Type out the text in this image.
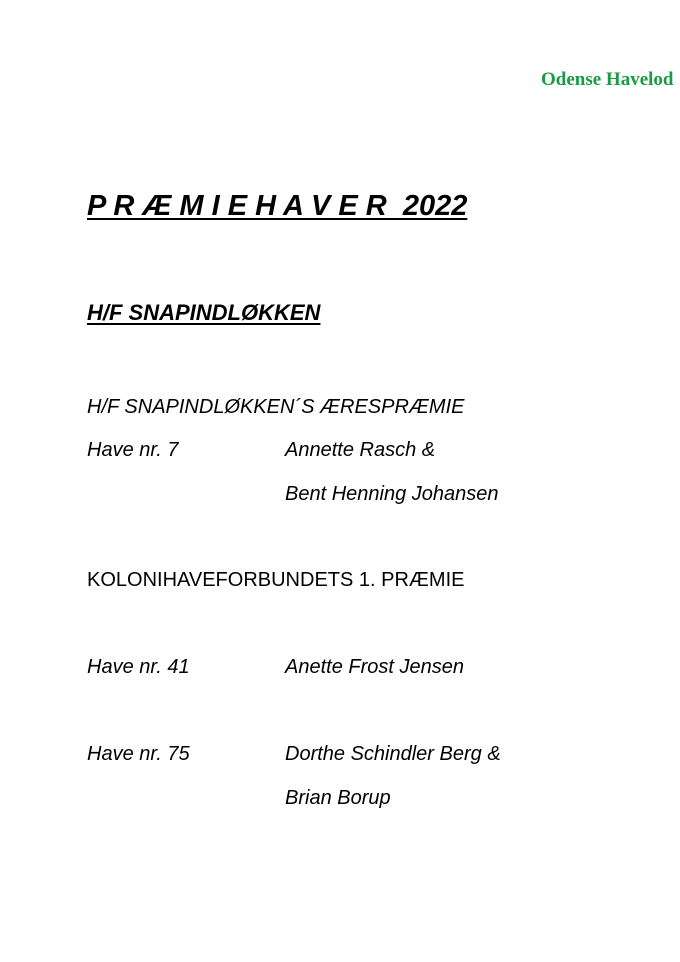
Odense Havelod
P R Æ M I E H A V E R  2022
H/F SNAPINDLØKKEN
H/F SNAPINDLØKKEN´S ÆRESPRÆMIE
Have nr. 7	Annette Rasch &
Bent Henning Johansen
KOLONIHAVEFORBUNDETS 1. PRÆMIE
Have nr. 41	Anette Frost Jensen
Have nr. 75	Dorthe Schindler Berg &
Brian Borup
